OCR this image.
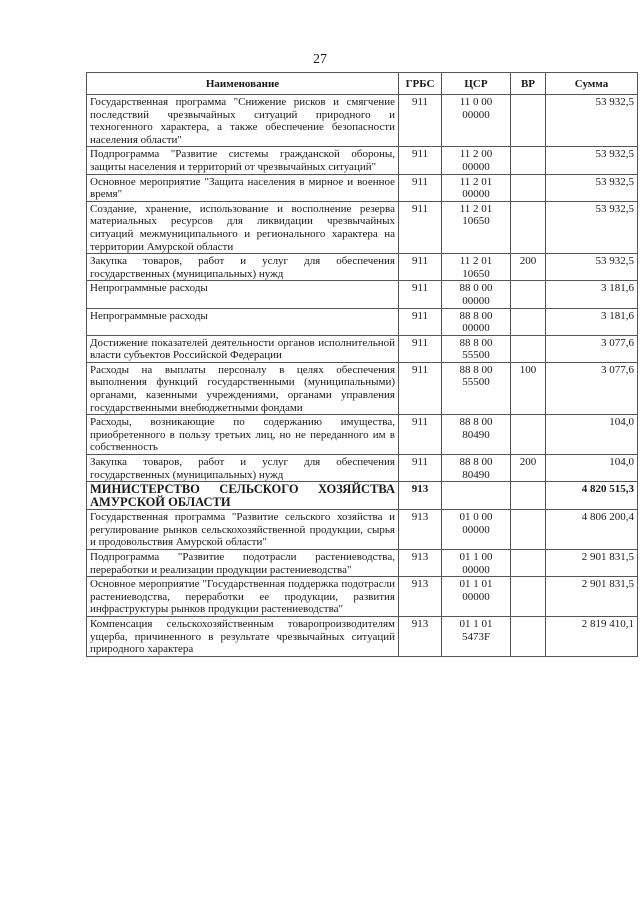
27
Наименование	ГРБС	ЦСР	ВР	Сумма
Государственная программа "Снижение рисков и смягчение последствий чрезвычайных ситуаций природного и техногенного характера, а также обеспечение безопасности населения области"	911	11 0 00 00000		53 932,5
Подпрограмма "Развитие системы гражданской обороны, защиты населения и территорий от чрезвычайных ситуаций"	911	11 2 00 00000		53 932,5
Основное мероприятие "Защита населения в мирное и военное время"	911	11 2 01 00000		53 932,5
Создание, хранение, использование и восполнение резерва материальных ресурсов для ликвидации чрезвычайных ситуаций межмуниципального и регионального характера на территории Амурской области	911	11 2 01 10650		53 932,5
Закупка товаров, работ и услуг для обеспечения государственных (муниципальных) нужд	911	11 2 01 10650	200	53 932,5
Непрограммные расходы	911	88 0 00 00000		3 181,6
Непрограммные расходы	911	88 8 00 00000		3 181,6
Достижение показателей деятельности органов исполнительной власти субъектов Российской Федерации	911	88 8 00 55500		3 077,6
Расходы на выплаты персоналу в целях обеспечения выполнения функций государственными (муниципальными) органами, казенными учреждениями, органами управления государственными внебюджетными фондами	911	88 8 00 55500	100	3 077,6
Расходы, возникающие по содержанию имущества, приобретенного в пользу третьих лиц, но не переданного им в собственность	911	88 8 00 80490		104,0
Закупка товаров, работ и услуг для обеспечения государственных (муниципальных) нужд	911	88 8 00 80490	200	104,0
МИНИСТЕРСТВО СЕЛЬСКОГО ХОЗЯЙСТВА АМУРСКОЙ ОБЛАСТИ	913			4 820 515,3
Государственная программа "Развитие сельского хозяйства и регулирование рынков сельскохозяйственной продукции, сырья и продовольствия Амурской области"	913	01 0 00 00000		4 806 200,4
Подпрограмма "Развитие подотрасли растениеводства, переработки и реализации продукции растениеводства"	913	01 1 00 00000		2 901 831,5
Основное мероприятие "Государственная поддержка подотрасли растениеводства, переработки ее продукции, развития инфраструктуры рынков продукции растениеводства"	913	01 1 01 00000		2 901 831,5
Компенсация сельскохозяйственным товаропроизводителям ущерба, причиненного в результате чрезвычайных ситуаций природного характера	913	01 1 01 5473F		2 819 410,1
